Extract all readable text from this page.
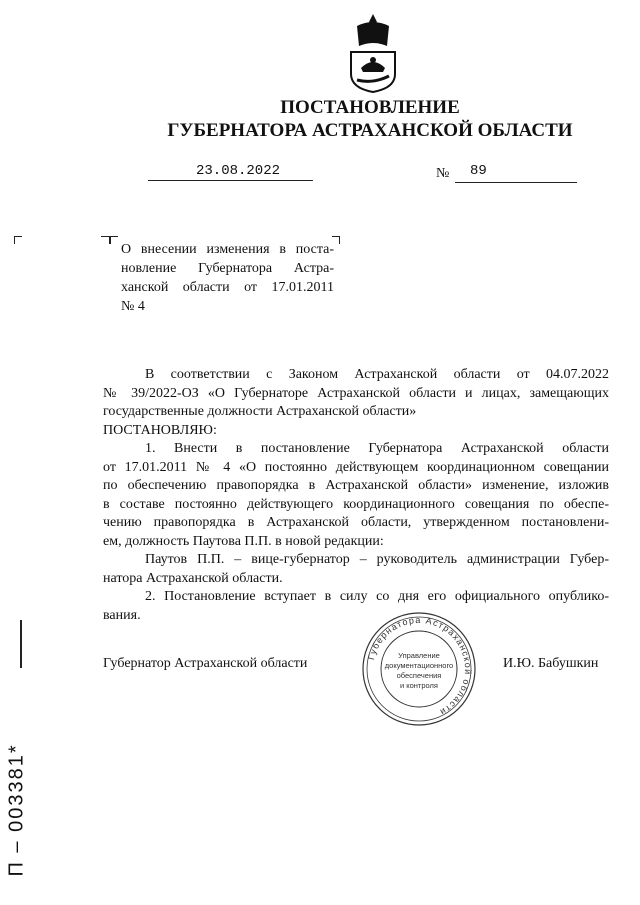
ПОСТАНОВЛЕНИЕ
ГУБЕРНАТОРА АСТРАХАНСКОЙ ОБЛАСТИ
23.08.2022	№ 89
О внесении изменения в поста-
новление Губернатора Астра-
ханской области от 17.01.2011
№ 4

В соответствии с Законом Астраханской области от 04.07.2022
№ 39/2022-ОЗ «О Губернаторе Астраханской области и лицах, замещающих
государственные должности Астраханской области»

ПОСТАНОВЛЯЮ:

1. Внести в постановление Губернатора Астраханской области
от 17.01.2011 № 4 «О постоянно действующем координационном совещании
по обеспечению правопорядка в Астраханской области» изменение, изложив
в составе постоянно действующего координационного совещания по обеспе-
чению правопорядка в Астраханской области, утвержденном постановлени-
ем, должность Паутова П.П. в новой редакции:

Паутов П.П. – вице-губернатор – руководитель администрации Губер-
натора Астраханской области.

2. Постановление вступает в силу со дня его официального опублико-
вания.

Губернатор Астраханской области	И.Ю. Бабушкин
Губернатора Астраханской области
Управление
документационного
обеспечения
и контроля
П – 003381*
